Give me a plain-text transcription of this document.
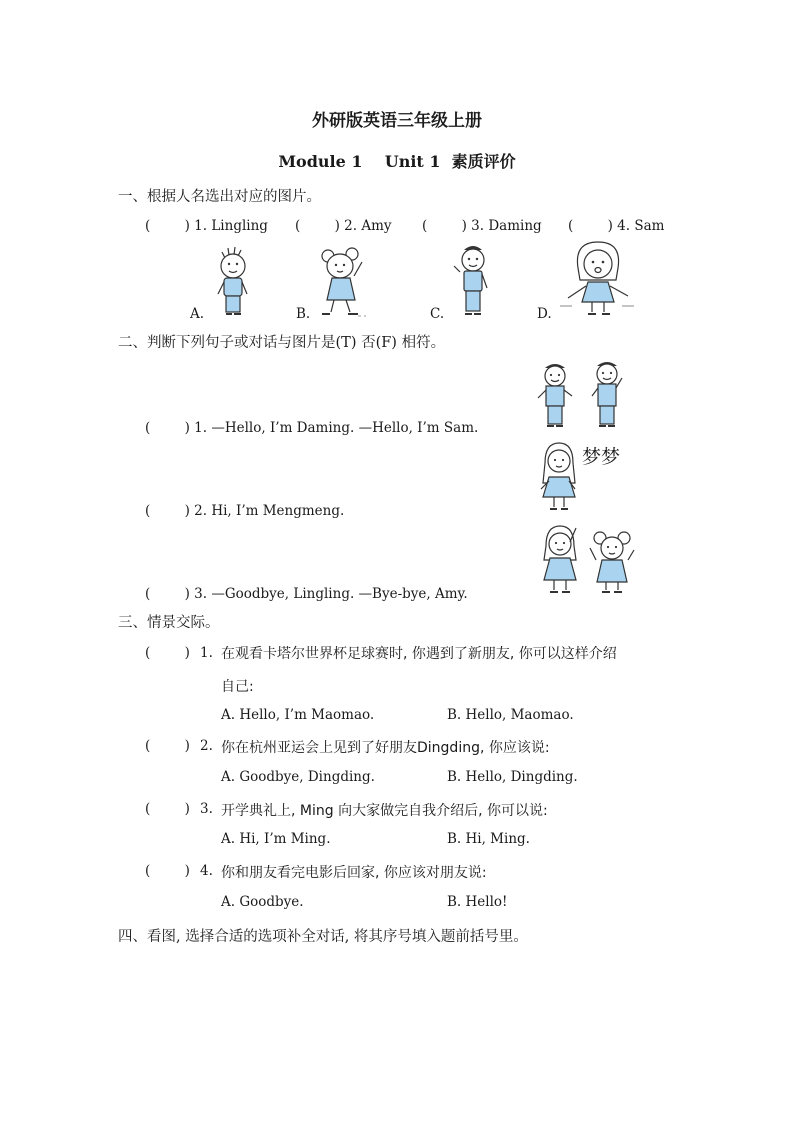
外研版英语三年级上册
Module 1    Unit 1  素质评价
一、根据人名选出对应的图片。
(        ) 1. Lingling (        ) 2. Amy (        ) 3. Daming (        ) 4. Sam
A.	B.	C.	D.
二、判断下列句子或对话与图片是(T) 否(F) 相符。
(        ) 1. —Hello, I’m Daming. —Hello, I’m Sam.
(        ) 2. Hi, I’m Mengmeng.
(        ) 3. —Goodbye, Lingling. —Bye-bye, Amy.
梦梦
三、情景交际。
(        ) 1. 在观看卡塔尔世界杯足球赛时, 你遇到了新朋友, 你可以这样介绍
自己:
A. Hello, I’m Maomao.	B. Hello, Maomao.
(        ) 2. 你在杭州亚运会上见到了好朋友Dingding, 你应该说:
A. Goodbye, Dingding.	B. Hello, Dingding.
(        ) 3. 开学典礼上, Ming 向大家做完自我介绍后, 你可以说:
A. Hi, I’m Ming.	B. Hi, Ming.
(        ) 4. 你和朋友看完电影后回家, 你应该对朋友说:
A. Goodbye.	B. Hello!
四、看图, 选择合适的选项补全对话, 将其序号填入题前括号里。
